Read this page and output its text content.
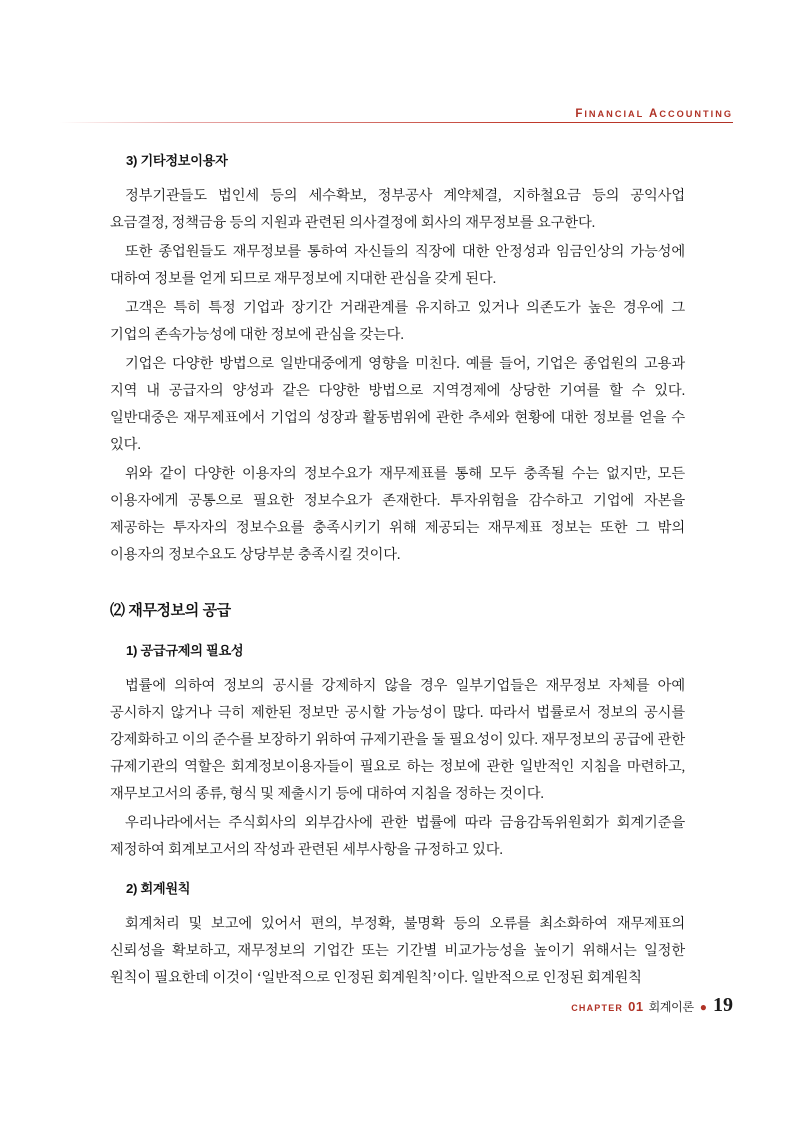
FINANCIAL ACCOUNTING
3) 기타정보이용자

정부기관들도 법인세 등의 세수확보, 정부공사 계약체결, 지하철요금 등의 공익사업 요금결정, 정책금융 등의 지원과 관련된 의사결정에 회사의 재무정보를 요구한다.

또한 종업원들도 재무정보를 통하여 자신들의 직장에 대한 안정성과 임금인상의 가능성에 대하여 정보를 얻게 되므로 재무정보에 지대한 관심을 갖게 된다.

고객은 특히 특정 기업과 장기간 거래관계를 유지하고 있거나 의존도가 높은 경우에 그 기업의 존속가능성에 대한 정보에 관심을 갖는다.

기업은 다양한 방법으로 일반대중에게 영향을 미친다. 예를 들어, 기업은 종업원의 고용과 지역 내 공급자의 양성과 같은 다양한 방법으로 지역경제에 상당한 기여를 할 수 있다. 일반대중은 재무제표에서 기업의 성장과 활동범위에 관한 추세와 현황에 대한 정보를 얻을 수 있다.

위와 같이 다양한 이용자의 정보수요가 재무제표를 통해 모두 충족될 수는 없지만, 모든 이용자에게 공통으로 필요한 정보수요가 존재한다. 투자위험을 감수하고 기업에 자본을 제공하는 투자자의 정보수요를 충족시키기 위해 제공되는 재무제표 정보는 또한 그 밖의 이용자의 정보수요도 상당부분 충족시킬 것이다.

⑵ 재무정보의 공급
1) 공급규제의 필요성

법률에 의하여 정보의 공시를 강제하지 않을 경우 일부기업들은 재무정보 자체를 아예 공시하지 않거나 극히 제한된 정보만 공시할 가능성이 많다. 따라서 법률로서 정보의 공시를 강제화하고 이의 준수를 보장하기 위하여 규제기관을 둘 필요성이 있다. 재무정보의 공급에 관한 규제기관의 역할은 회계정보이용자들이 필요로 하는 정보에 관한 일반적인 지침을 마련하고, 재무보고서의 종류, 형식 및 제출시기 등에 대하여 지침을 정하는 것이다.

우리나라에서는 주식회사의 외부감사에 관한 법률에 따라 금융감독위원회가 회계기준을 제정하여 회계보고서의 작성과 관련된 세부사항을 규정하고 있다.

2) 회계원칙

회계처리 및 보고에 있어서 편의, 부정확, 불명확 등의 오류를 최소화하여 재무제표의 신뢰성을 확보하고, 재무정보의 기업간 또는 기간별 비교가능성을 높이기 위해서는 일정한 원칙이 필요한데 이것이 ‘일반적으로 인정된 회계원칙’이다. 일반적으로 인정된 회계원칙

CHAPTER 01 회계이론 ● 19
